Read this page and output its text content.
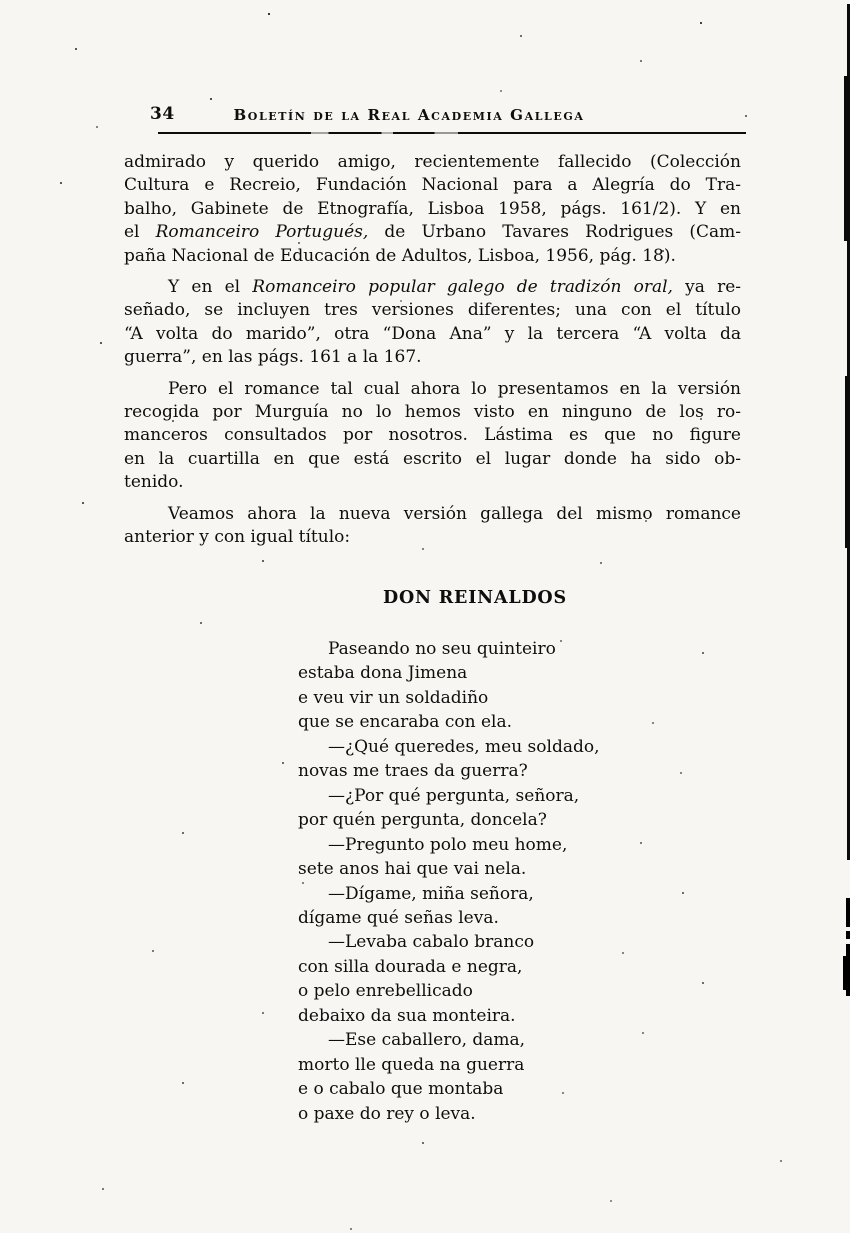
34	Boletín de la Real Academia Gallega
admirado y querido amigo, recientemente fallecido (Colección
Cultura e Recreio, Fundación Nacional para a Alegría do Tra-
balho, Gabinete de Etnografía, Lisboa 1958, págs. 161/2). Y en
el Romanceiro Portugués, de Urbano Tavares Rodrigues (Cam-
paña Nacional de Educación de Adultos, Lisboa, 1956, pág. 18).
Y en el Romanceiro popular galego de tradizón oral, ya re-
señado, se incluyen tres versiones diferentes; una con el título
“A volta do marido”, otra “Dona Ana” y la tercera “A volta da
guerra”, en las págs. 161 a la 167.
Pero el romance tal cual ahora lo presentamos en la versión
recogida por Murguía no lo hemos visto en ninguno de los ro-
manceros consultados por nosotros. Lástima es que no figure
en la cuartilla en que está escrito el lugar donde ha sido ob-
tenido.
Veamos ahora la nueva versión gallega del mismo romance
anterior y con igual título:
DON REINALDOS
Paseando no seu quinteiro
estaba dona Jimena
e veu vir un soldadiño
que se encaraba con ela.
—¿Qué queredes, meu soldado,
novas me traes da guerra?
—¿Por qué pergunta, señora,
por quén pergunta, doncela?
—Pregunto polo meu home,
sete anos hai que vai nela.
—Dígame, miña señora,
dígame qué señas leva.
—Levaba cabalo branco
con silla dourada e negra,
o pelo enrebellicado
debaixo da sua monteira.
—Ese caballero, dama,
morto lle queda na guerra
e o cabalo que montaba
o paxe do rey o leva.
